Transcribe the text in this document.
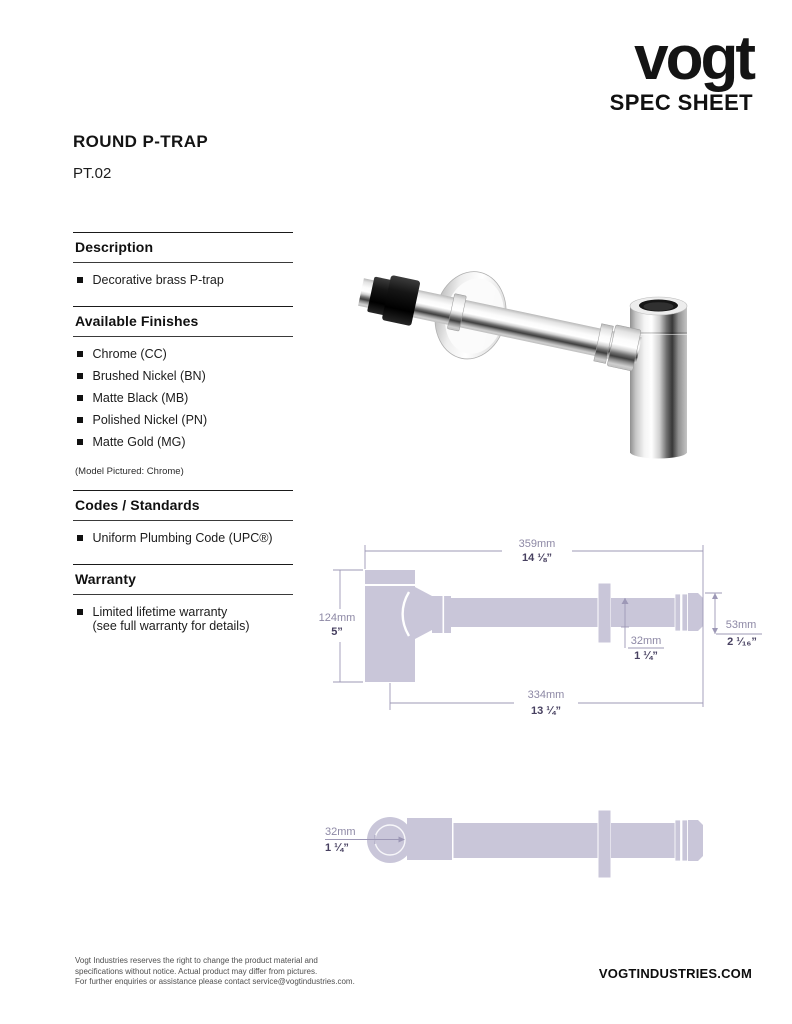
vogt
SPEC SHEET
ROUND P-TRAP
PT.02
Description
Decorative brass P-trap
Available Finishes
Chrome (CC)
Brushed Nickel (BN)
Matte Black (MB)
Polished Nickel (PN)
Matte Gold (MG)
(Model Pictured: Chrome)
Codes / Standards
Uniform Plumbing Code (UPC®)
Warranty
Limited lifetime warranty
(see full warranty for details)
359mm
14 ⅛”
124mm
5”
32mm
1 ¼”
53mm
2 ¹⁄₁₆”
334mm
13 ¼”
32mm
1 ¼”
Vogt Industries reserves the right to change the product material and
specifications without notice. Actual product may differ from pictures.
For further enquiries or assistance please contact service@vogtindustries.com.
VOGTINDUSTRIES.COM
